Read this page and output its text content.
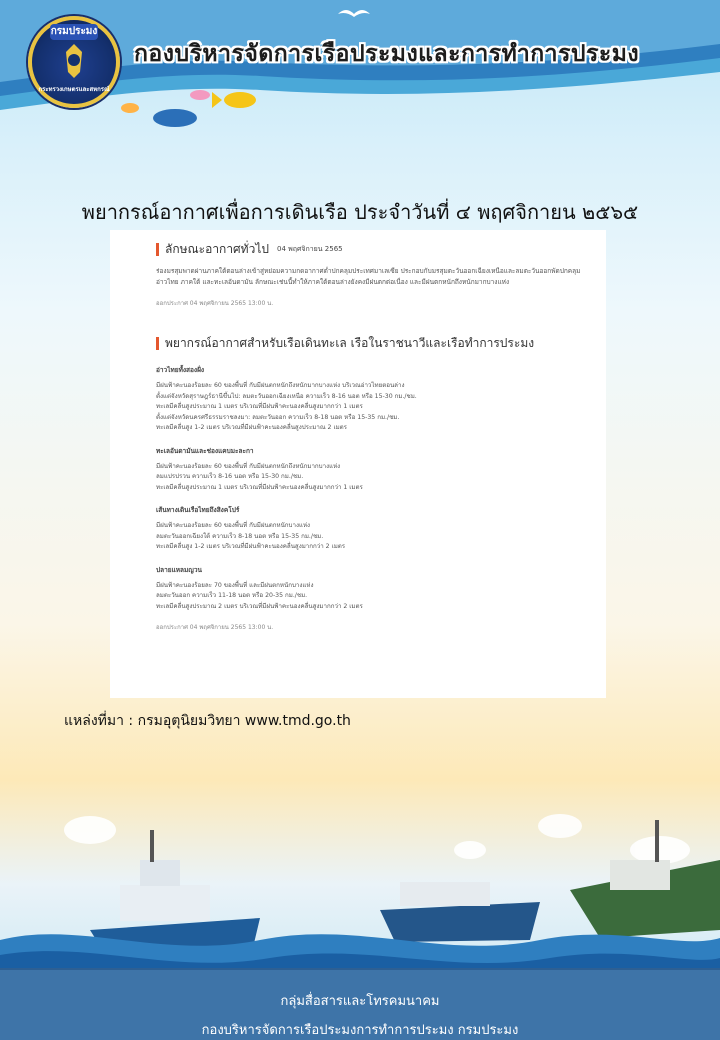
กรมประมง
กระทรวงเกษตรและสหกรณ์
กองบริหารจัดการเรือประมงและการทำการประมง
พยากรณ์อากาศเพื่อการเดินเรือ ประจำวันที่ ๔ พฤศจิกายน ๒๕๖๕
ลักษณะอากาศทั่วไป 04 พฤศจิกายน 2565
ร่องมรสุมพาดผ่านภาคใต้ตอนล่างเข้าสู่หย่อมความกดอากาศต่ำปกคลุมประเทศมาเลเซีย ประกอบกับมรสุมตะวันออกเฉียงเหนือและลมตะวันออกพัดปกคลุมอ่าวไทย ภาคใต้ และทะเลอันดามัน ลักษณะเช่นนี้ทำให้ภาคใต้ตอนล่างยังคงมีฝนตกต่อเนื่อง และมีฝนตกหนักถึงหนักมากบางแห่ง
ออกประกาศ 04 พฤศจิกายน 2565 13:00 น.
พยากรณ์อากาศสำหรับเรือเดินทะเล เรือในราชนาวีและเรือทำการประมง
อ่าวไทยทั้งสองฝั่ง
มีฝนฟ้าคะนองร้อยละ 60 ของพื้นที่ กับมีฝนตกหนักถึงหนักมากบางแห่ง บริเวณอ่าวไทยตอนล่าง
ตั้งแต่จังหวัดสุราษฎร์ธานีขึ้นไป: ลมตะวันออกเฉียงเหนือ ความเร็ว 8-16 นอต หรือ 15-30 กม./ชม.
ทะเลมีคลื่นสูงประมาณ 1 เมตร บริเวณที่มีฝนฟ้าคะนองคลื่นสูงมากกว่า 1 เมตร
ตั้งแต่จังหวัดนครศรีธรรมราชลงมา: ลมตะวันออก ความเร็ว 8-18 นอต หรือ 15-35 กม./ชม.
ทะเลมีคลื่นสูง 1-2 เมตร บริเวณที่มีฝนฟ้าคะนองคลื่นสูงประมาณ 2 เมตร
ทะเลอันดามันและช่องแคบมะละกา
มีฝนฟ้าคะนองร้อยละ 60 ของพื้นที่ กับมีฝนตกหนักถึงหนักมากบางแห่ง
ลมแปรปรวน ความเร็ว 8-16 นอต หรือ 15-30 กม./ชม.
ทะเลมีคลื่นสูงประมาณ 1 เมตร บริเวณที่มีฝนฟ้าคะนองคลื่นสูงมากกว่า 1 เมตร
เส้นทางเดินเรือไทยถึงสิงคโปร์
มีฝนฟ้าคะนองร้อยละ 60 ของพื้นที่ กับมีฝนตกหนักบางแห่ง
ลมตะวันออกเฉียงใต้ ความเร็ว 8-18 นอต หรือ 15-35 กม./ชม.
ทะเลมีคลื่นสูง 1-2 เมตร บริเวณที่มีฝนฟ้าคะนองคลื่นสูงมากกว่า 2 เมตร
ปลายแหลมญวน
มีฝนฟ้าคะนองร้อยละ 70 ของพื้นที่ และมีฝนตกหนักบางแห่ง
ลมตะวันออก ความเร็ว 11-18 นอต หรือ 20-35 กม./ชม.
ทะเลมีคลื่นสูงประมาณ 2 เมตร บริเวณที่มีฝนฟ้าคะนองคลื่นสูงมากกว่า 2 เมตร
ออกประกาศ 04 พฤศจิกายน 2565 13:00 น.
แหล่งที่มา : กรมอุตุนิยมวิทยา www.tmd.go.th
กลุ่มสื่อสารและโทรคมนาคม
กองบริหารจัดการเรือประมงการทำการประมง กรมประมง
